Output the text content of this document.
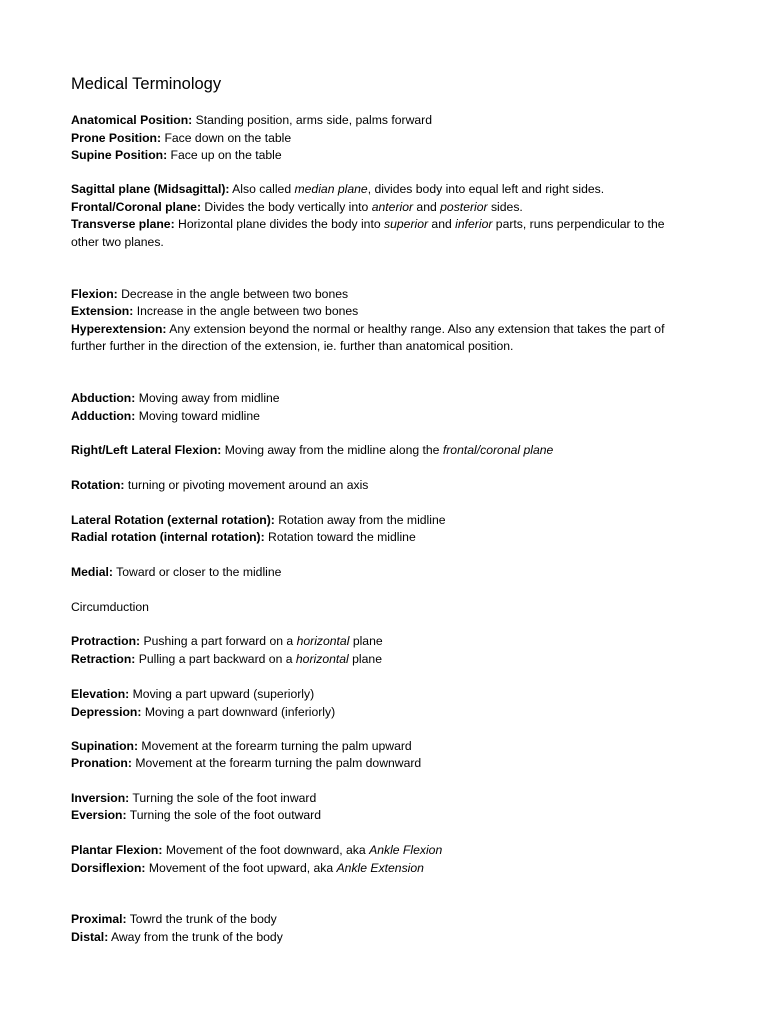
Medical Terminology

Anatomical Position: Standing position, arms side, palms forward

Prone Position: Face down on the table

Supine Position: Face up on the table

Sagittal plane (Midsagittal): Also called median plane, divides body into equal left and right sides.

Frontal/Coronal plane: Divides the body vertically into anterior and posterior sides.

Transverse plane: Horizontal plane divides the body into superior and inferior parts, runs perpendicular to the

other two planes.

Flexion: Decrease in the angle between two bones

Extension: Increase in the angle between two bones

Hyperextension: Any extension beyond the normal or healthy range. Also any extension that takes the part of

further further in the direction of the extension, ie. further than anatomical position.

Abduction: Moving away from midline

Adduction: Moving toward midline

Right/Left Lateral Flexion: Moving away from the midline along the frontal/coronal plane

Rotation: turning or pivoting movement around an axis

Lateral Rotation (external rotation): Rotation away from the midline

Radial rotation (internal rotation): Rotation toward the midline

Medial: Toward or closer to the midline

Circumduction

Protraction: Pushing a part forward on a horizontal plane

Retraction: Pulling a part backward on a horizontal plane

Elevation: Moving a part upward (superiorly)

Depression: Moving a part downward (inferiorly)

Supination: Movement at the forearm turning the palm upward

Pronation: Movement at the forearm turning the palm downward

Inversion: Turning the sole of the foot inward

Eversion: Turning the sole of the foot outward

Plantar Flexion: Movement of the foot downward, aka Ankle Flexion

Dorsiflexion: Movement of the foot upward, aka Ankle Extension

Proximal: Towrd the trunk of the body

Distal: Away from the trunk of the body
